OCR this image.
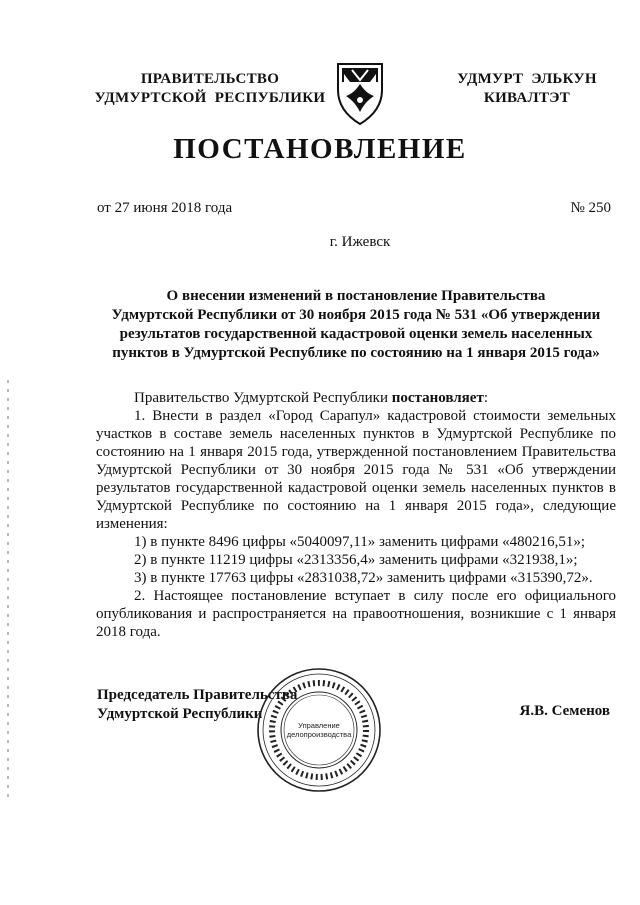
ПРАВИТЕЛЬСТВО
УДМУРТСКОЙ  РЕСПУБЛИКИ
УДМУРТ  ЭЛЬКУН
КИВАЛТЭТ
ПОСТАНОВЛЕНИЕ
от 27 июня 2018 года	№ 250
г. Ижевск
О внесении изменений в постановление Правительства
Удмуртской Республики от 30 ноября 2015 года № 531 «Об утверждении
результатов государственной кадастровой оценки земель населенных
пунктов в Удмуртской Республике по состоянию на 1 января 2015 года»

Правительство Удмуртской Республики постановляет:

1. Внести в раздел «Город Сарапул» кадастровой стоимости земельных участков в составе земель населенных пунктов в Удмуртской Республике по состоянию на 1 января 2015 года, утвержденной постановлением Правительства Удмуртской Республики от 30 ноября 2015 года № 531 «Об утверждении результатов государственной кадастровой оценки земель населенных пунктов в Удмуртской Республике по состоянию на 1 января 2015 года», следующие изменения:

1) в пункте 8496 цифры «5040097,11» заменить цифрами «480216,51»;

2) в пункте 11219 цифры «2313356,4» заменить цифрами «321938,1»;

3) в пункте 17763 цифры «2831038,72» заменить цифрами «315390,72».

2. Настоящее постановление вступает в силу после его официального опубликования и распространяется на правоотношения, возникшие с 1 января 2018 года.

Председатель Правительства
Удмуртской Республики
Управление
делопроизводства
Я.В. Семенов
